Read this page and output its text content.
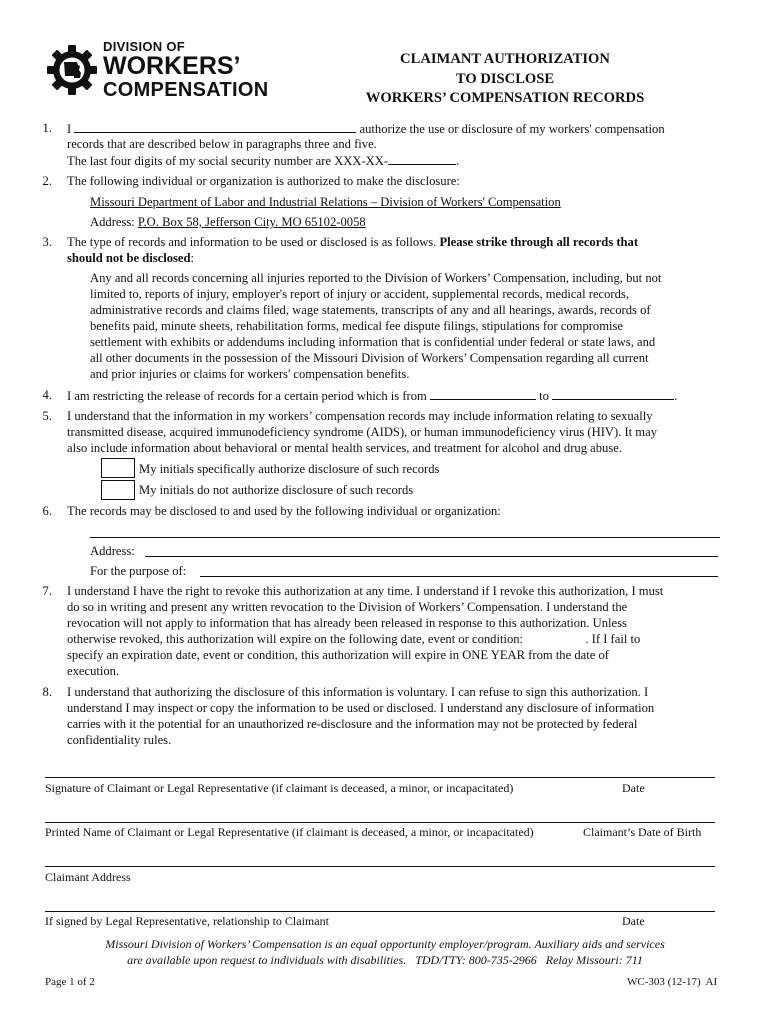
DIVISION OF
WORKERS’
COMPENSATION
CLAIMANT AUTHORIZATION
TO DISCLOSE
WORKERS’ COMPENSATION RECORDS
1. I	authorize the use or disclosure of my workers' compensation
records that are described below in paragraphs three and five.
The last four digits of my social security number are XXX-XX-	.
2. The following individual or organization is authorized to make the disclosure:
Missouri Department of Labor and Industrial Relations – Division of Workers' Compensation
Address: P.O. Box 58, Jefferson City. MO 65102-0058
3. The type of records and information to be used or disclosed is as follows. Please strike through all records that
should not be disclosed:
Any and all records concerning all injuries reported to the Division of Workers’ Compensation, including, but not
limited to, reports of injury, employer's report of injury or accident, supplemental records, medical records,
administrative records and claims filed, wage statements, transcripts of any and all hearings, awards, records of
benefits paid, minute sheets, rehabilitation forms, medical fee dispute filings, stipulations for compromise
settlement with exhibits or addendums including information that is confidential under federal or state laws, and
all other documents in the possession of the Missouri Division of Workers’ Compensation regarding all current
and prior injuries or claims for workers' compensation benefits.
4. I am restricting the release of records for a certain period which is from	to	.
5. I understand that the information in my workers’ compensation records may include information relating to sexually
transmitted disease, acquired immunodeficiency syndrome (AIDS), or human immunodeficiency virus (HIV). It may
also include information about behavioral or mental health services, and treatment for alcohol and drug abuse.
My initials specifically authorize disclosure of such records
My initials do not authorize disclosure of such records
6. The records may be disclosed to and used by the following individual or organization:
Address:
For the purpose of:
7. I understand I have the right to revoke this authorization at any time. I understand if I revoke this authorization, I must
do so in writing and present any written revocation to the Division of Workers’ Compensation. I understand the
revocation will not apply to information that has already been released in response to this authorization. Unless
otherwise revoked, this authorization will expire on the following date, event or condition:	. If I fail to
specify an expiration date, event or condition, this authorization will expire in ONE YEAR from the date of
execution.
8. I understand that authorizing the disclosure of this information is voluntary. I can refuse to sign this authorization. I
understand I may inspect or copy the information to be used or disclosed. I understand any disclosure of information
carries with it the potential for an unauthorized re-disclosure and the information may not be protected by federal
confidentiality rules.
Signature of Claimant or Legal Representative (if claimant is deceased, a minor, or incapacitated)	Date
Printed Name of Claimant or Legal Representative (if claimant is deceased, a minor, or incapacitated)	Claimant’s Date of Birth
Claimant Address
If signed by Legal Representative, relationship to Claimant	Date
Missouri Division of Workers’ Compensation is an equal opportunity employer/program. Auxiliary aids and services
are available upon request to individuals with disabilities.   TDD/TTY: 800-735-2966   Relay Missouri: 711
Page 1 of 2	WC-303 (12-17)  AI
